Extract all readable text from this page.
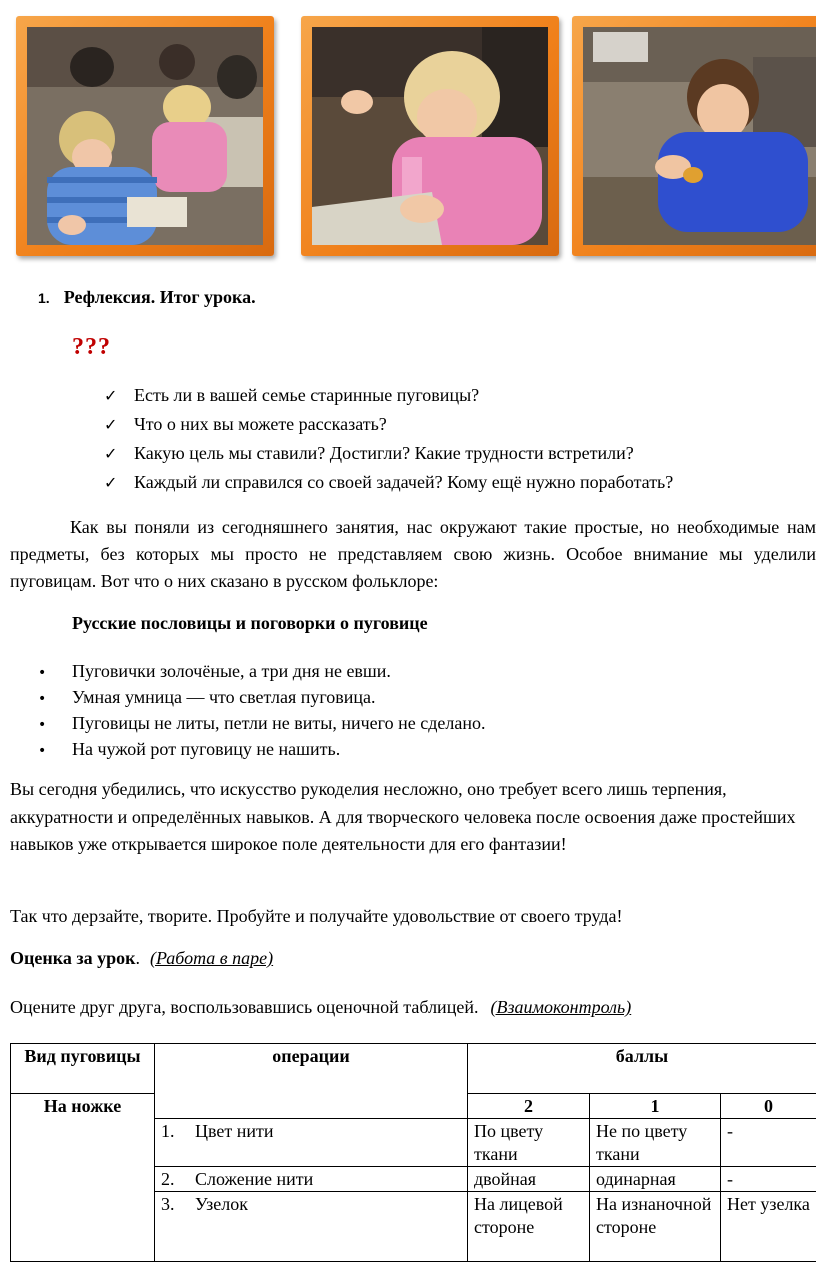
1. Рефлексия. Итог урока.
???
✓ Есть ли в вашей семье старинные пуговицы?
✓ Что о них вы можете рассказать?
✓ Какую цель мы ставили? Достигли? Какие трудности встретили?
✓ Каждый ли справился со своей задачей? Кому ещё нужно поработать?

Как вы поняли из сегодняшнего занятия, нас окружают такие простые, но необходимые нам предметы, без которых мы просто не представляем свою жизнь. Особое внимание мы уделили пуговицам. Вот что о них сказано в русском фольклоре:

Русские пословицы и поговорки о пуговице
• Пуговички золочёные, а три дня не евши.
• Умная умница — что светлая пуговица.
• Пуговицы не литы, петли не виты, ничего не сделано.
• На чужой рот пуговицу не нашить.

Вы сегодня убедились, что искусство рукоделия несложно, оно требует всего лишь терпения, аккуратности и определённых навыков. А для творческого человека после освоения даже простейших навыков уже открывается широкое поле деятельности для его фантазии!

Так что дерзайте, творите. Пробуйте и получайте удовольствие от своего труда!

Оценка за урок. (Работа в паре)
Оцените друг друга, воспользовавшись оценочной таблицей. (Взаимоконтроль)
Вид пуговицы	операции	баллы		
На ножке		2	1	0
	1. Цвет нити	По цвету ткани	Не по цвету ткани	-
	2. Сложение нити	двойная	одинарная	-
	3. Узелок	На лицевой стороне	На изнаночной стороне	Нет узелка
